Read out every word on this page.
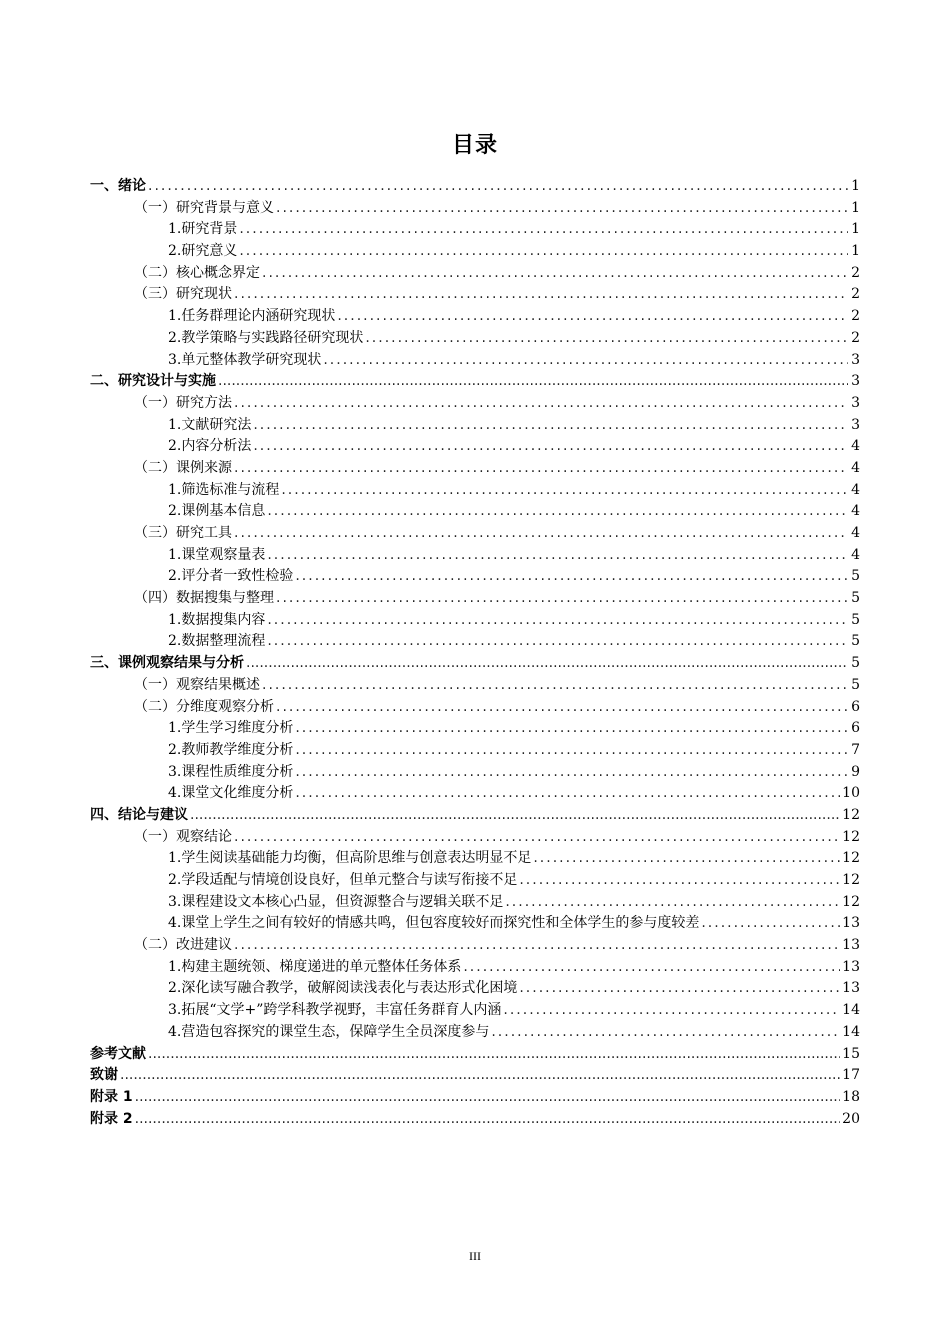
目录
一、绪论 .....	1
（一）研究背景与意义 .....	1
1.研究背景 .....	1
2.研究意义 .....	1
（二）核心概念界定 .....	2
（三）研究现状 .....	2
1.任务群理论内涵研究现状 .....	2
2.教学策略与实践路径研究现状 .....	2
3.单元整体教学研究现状 .....	3
二、研究设计与实施 .....	3
（一）研究方法 .....	3
1.文献研究法 .....	3
2.内容分析法 .....	4
（二）课例来源 .....	4
1.筛选标准与流程 .....	4
2.课例基本信息 .....	4
（三）研究工具 .....	4
1.课堂观察量表 .....	4
2.评分者一致性检验 .....	5
（四）数据搜集与整理 .....	5
1.数据搜集内容 .....	5
2.数据整理流程 .....	5
三、课例观察结果与分析 .....	5
（一）观察结果概述 .....	5
（二）分维度观察分析 .....	6
1.学生学习维度分析 .....	6
2.教师教学维度分析 .....	7
3.课程性质维度分析 .....	9
4.课堂文化维度分析 .....	10
四、结论与建议 .....	12
（一）观察结论 .....	12
1.学生阅读基础能力均衡，但高阶思维与创意表达明显不足 .....	12
2.学段适配与情境创设良好，但单元整合与读写衔接不足 .....	12
3.课程建设文本核心凸显，但资源整合与逻辑关联不足 .....	12
4.课堂上学生之间有较好的情感共鸣，但包容度较好而探究性和全体学生的参与度较差 .....	13
（二）改进建议 .....	13
1.构建主题统领、梯度递进的单元整体任务体系 .....	13
2.深化读写融合教学，破解阅读浅表化与表达形式化困境 .....	13
3.拓展“文学+”跨学科教学视野，丰富任务群育人内涵 .....	14
4.营造包容探究的课堂生态，保障学生全员深度参与 .....	14
参考文献 .....	15
致谢 .....	17
附录 1 .....	18
附录 2 .....	20
III
